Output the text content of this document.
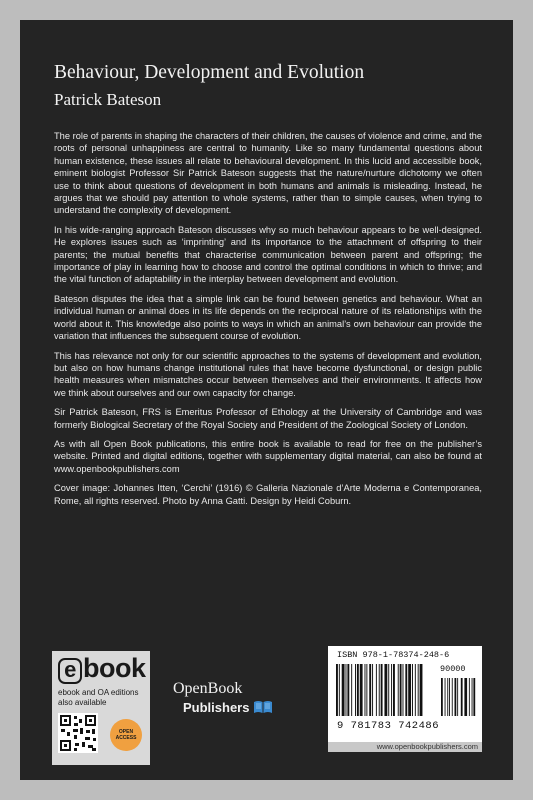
Behaviour, Development and Evolution
Patrick Bateson

The role of parents in shaping the characters of their children, the causes of violence and crime, and the roots of personal unhappiness are central to humanity. Like so many fundamental questions about human existence, these issues all relate to behavioural development. In this lucid and accessible book, eminent biologist Professor Sir Patrick Bateson suggests that the nature/nurture dichotomy we often use to think about questions of development in both humans and animals is misleading. Instead, he argues that we should pay attention to whole systems, rather than to simple causes, when trying to understand the complexity of development.

In his wide-ranging approach Bateson discusses why so much behaviour appears to be well-designed. He explores issues such as ‘imprinting’ and its importance to the attachment of offspring to their parents; the mutual benefits that characterise communication between parent and offspring; the importance of play in learning how to choose and control the optimal conditions in which to thrive; and the vital function of adaptability in the interplay between development and evolution.

Bateson disputes the idea that a simple link can be found between genetics and behaviour. What an individual human or animal does in its life depends on the reciprocal nature of its relationships with the world about it. This knowledge also points to ways in which an animal’s own behaviour can provide the variation that influences the subsequent course of evolution.

This has relevance not only for our scientific approaches to the systems of development and evolution, but also on how humans change institutional rules that have become dysfunctional, or design public health measures when mismatches occur between themselves and their environments. It affects how we think about ourselves and our own capacity for change.

Sir Patrick Bateson, FRS is Emeritus Professor of Ethology at the University of Cambridge and was formerly Biological Secretary of the Royal Society and President of the Zoological Society of London.

As with all Open Book publications, this entire book is available to read for free on the publisher’s website. Printed and digital editions, together with supplementary digital material, can also be found at www.openbookpublishers.com

Cover image: Johannes Itten, ‘Cerchi’ (1916) © Galleria Nazionale d’Arte Moderna e Contemporanea, Rome, all rights reserved. Photo by Anna Gatti. Design by Heidi Coburn.

e book
ebook and OA editions
also available
OPEN ACCESS
OpenBook
Publishers
ISBN 978-1-78374-248-6
90000
9 781783 742486
www.openbookpublishers.com
